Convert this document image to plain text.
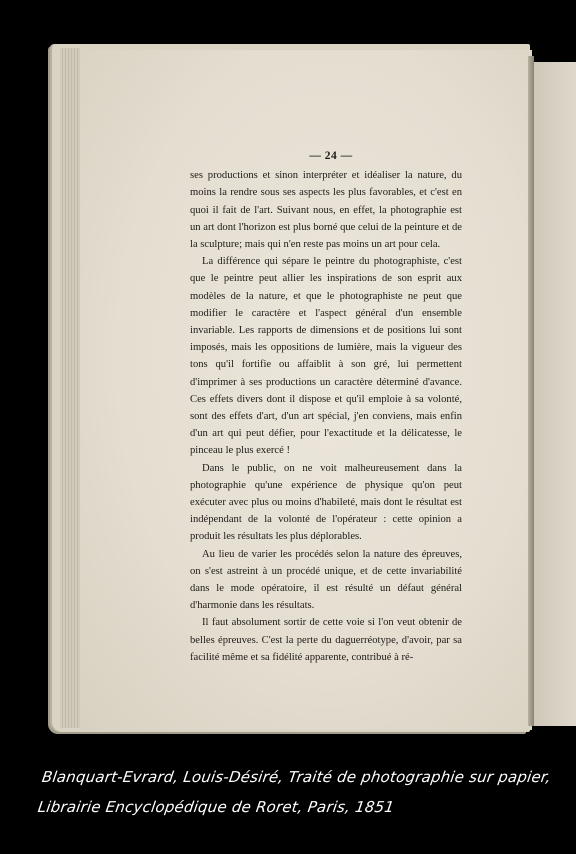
— 24 —

ses productions et sinon interpréter et idéaliser la nature, du moins la rendre sous ses aspects les plus favorables, et c'est en quoi il fait de l'art. Suivant nous, en effet, la photographie est un art dont l'horizon est plus borné que celui de la peinture et de la sculpture; mais qui n'en reste pas moins un art pour cela.

La différence qui sépare le peintre du photographiste, c'est que le peintre peut allier les inspirations de son esprit aux modèles de la nature, et que le photographiste ne peut que modifier le caractère et l'aspect général d'un ensemble invariable. Les rapports de dimensions et de positions lui sont imposés, mais les oppositions de lumière, mais la vigueur des tons qu'il fortifie ou affaiblit à son gré, lui permettent d'imprimer à ses productions un caractère déterminé d'avance. Ces effets divers dont il dispose et qu'il emploie à sa volonté, sont des effets d'art, d'un art spécial, j'en conviens, mais enfin d'un art qui peut défier, pour l'exactitude et la délicatesse, le pinceau le plus exercé !

Dans le public, on ne voit malheureusement dans la photographie qu'une expérience de physique qu'on peut exécuter avec plus ou moins d'habileté, mais dont le résultat est indépendant de la volonté de l'opérateur : cette opinion a produit les résultats les plus déplorables.

Au lieu de varier les procédés selon la nature des épreuves, on s'est astreint à un procédé unique, et de cette invariabilité dans le mode opératoire, il est résulté un défaut général d'harmonie dans les résultats.

Il faut absolument sortir de cette voie si l'on veut obtenir de belles épreuves. C'est la perte du daguerréotype, d'avoir, par sa facilité même et sa fidélité apparente, contribué à ré-

Blanquart-Evrard, Louis-Désiré, Traité de photographie sur papier,
Librairie Encyclopédique de Roret, Paris, 1851
